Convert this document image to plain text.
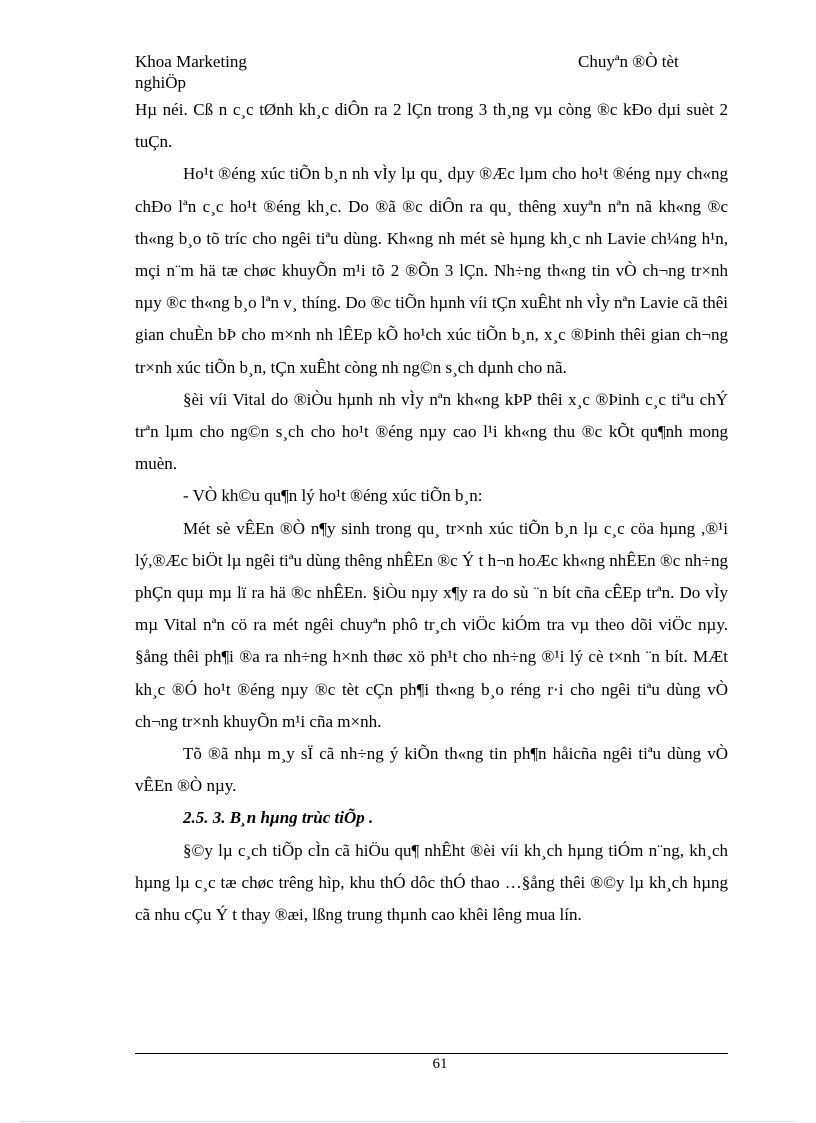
Khoa Marketing	Chuyªn ®Ò tèt
nghiÖp

Hµ néi. Cß n c¸c tØnh kh¸c diÔn ra 2 lÇn trong 3 th¸ng vµ còng ®c kÐo dµi suèt 2 tuÇn.

Ho¹t ®éng xúc tiÕn b¸n nh vÌy lµ qu¸ dµy ®Æc lµm cho ho¹t ®éng nµy ch«ng chÐo lªn c¸c ho¹t ®éng kh¸c. Do ®ã ®c diÔn ra qu¸ thêng xuyªn nªn nã kh«ng ®c th«ng b¸o tõ tríc cho ngêi tiªu dùng. Kh«ng nh mét sè hµng kh¸c nh Lavie ch¼ng h¹n, mçi n¨m hä tæ chøc khuyÕn m¹i tõ 2 ®Õn 3 lÇn. Nh÷ng th«ng tin vÒ ch¬ng tr×nh nµy ®c th«ng b¸o lªn v¸ thíng. Do ®c tiÕn hµnh víi tÇn xuÊht nh vÌy nªn Lavie cã thêi gian chuÈn bÞ cho m×nh nh lÊEp kÕ ho¹ch xúc tiÕn b¸n, x¸c ®Þinh thêi gian ch¬ng tr×nh xúc tiÕn b¸n, tÇn xuÊht còng nh ng©n s¸ch dµnh cho nã.

§èi víi Vital do ®iÒu hµnh nh vÌy nªn kh«ng kÞP thêi x¸c ®Þinh c¸c tiªu chÝ trªn lµm cho ng©n s¸ch cho ho¹t ®éng nµy cao l¹i kh«ng thu ®c kÕt qu¶nh mong muèn.

- VÒ kh©u qu¶n lý ho¹t ®éng xúc tiÕn b¸n:

Mét sè vÊEn ®Ò n¶y sinh trong qu¸ tr×nh xúc tiÕn b¸n lµ c¸c cöa hµng ,®¹i lý,®Æc biÖt lµ ngêi tiªu dùng thêng nhÊEn ®c Ý t h¬n hoÆc kh«ng nhÊEn ®c nh÷ng phÇn quµ mµ lï ra hä ®c nhÊEn. §iÒu nµy x¶y ra do sù ¨n bít cña cÊEp trªn. Do vÌy mµ Vital nªn cö ra mét ngêi chuyªn phô tr¸ch viÖc kiÓm tra vµ theo dõi viÖc nµy. §ång thêi ph¶i ®a ra nh÷ng h×nh thøc xö ph¹t cho nh÷ng ®¹i lý cè t×nh ¨n bít. MÆt kh¸c ®Ó ho¹t ®éng nµy ®c tèt cÇn ph¶i th«ng b¸o réng r·i cho ngêi tiªu dùng vÒ ch¬ng tr×nh khuyÕn m¹i cña m×nh.

Tõ ®ã nhµ m¸y sÏ cã nh÷ng ý kiÕn th«ng tin ph¶n håicña ngêi tiªu dùng vÒ vÊEn ®Ò nµy.

2.5. 3. B¸n hµng trùc tiÕp .

§©y lµ c¸ch tiÕp cÌn cã hiÖu qu¶ nhÊht ®èi víi kh¸ch hµng tiÓm n¨ng, kh¸ch hµng lµ c¸c tæ chøc trêng hìp, khu thÓ dôc thÓ thao …§ång thêi ®©y lµ kh¸ch hµng cã nhu cÇu Ý t thay ®æi, lßng trung thµnh cao khêi lêng mua lín.

61
